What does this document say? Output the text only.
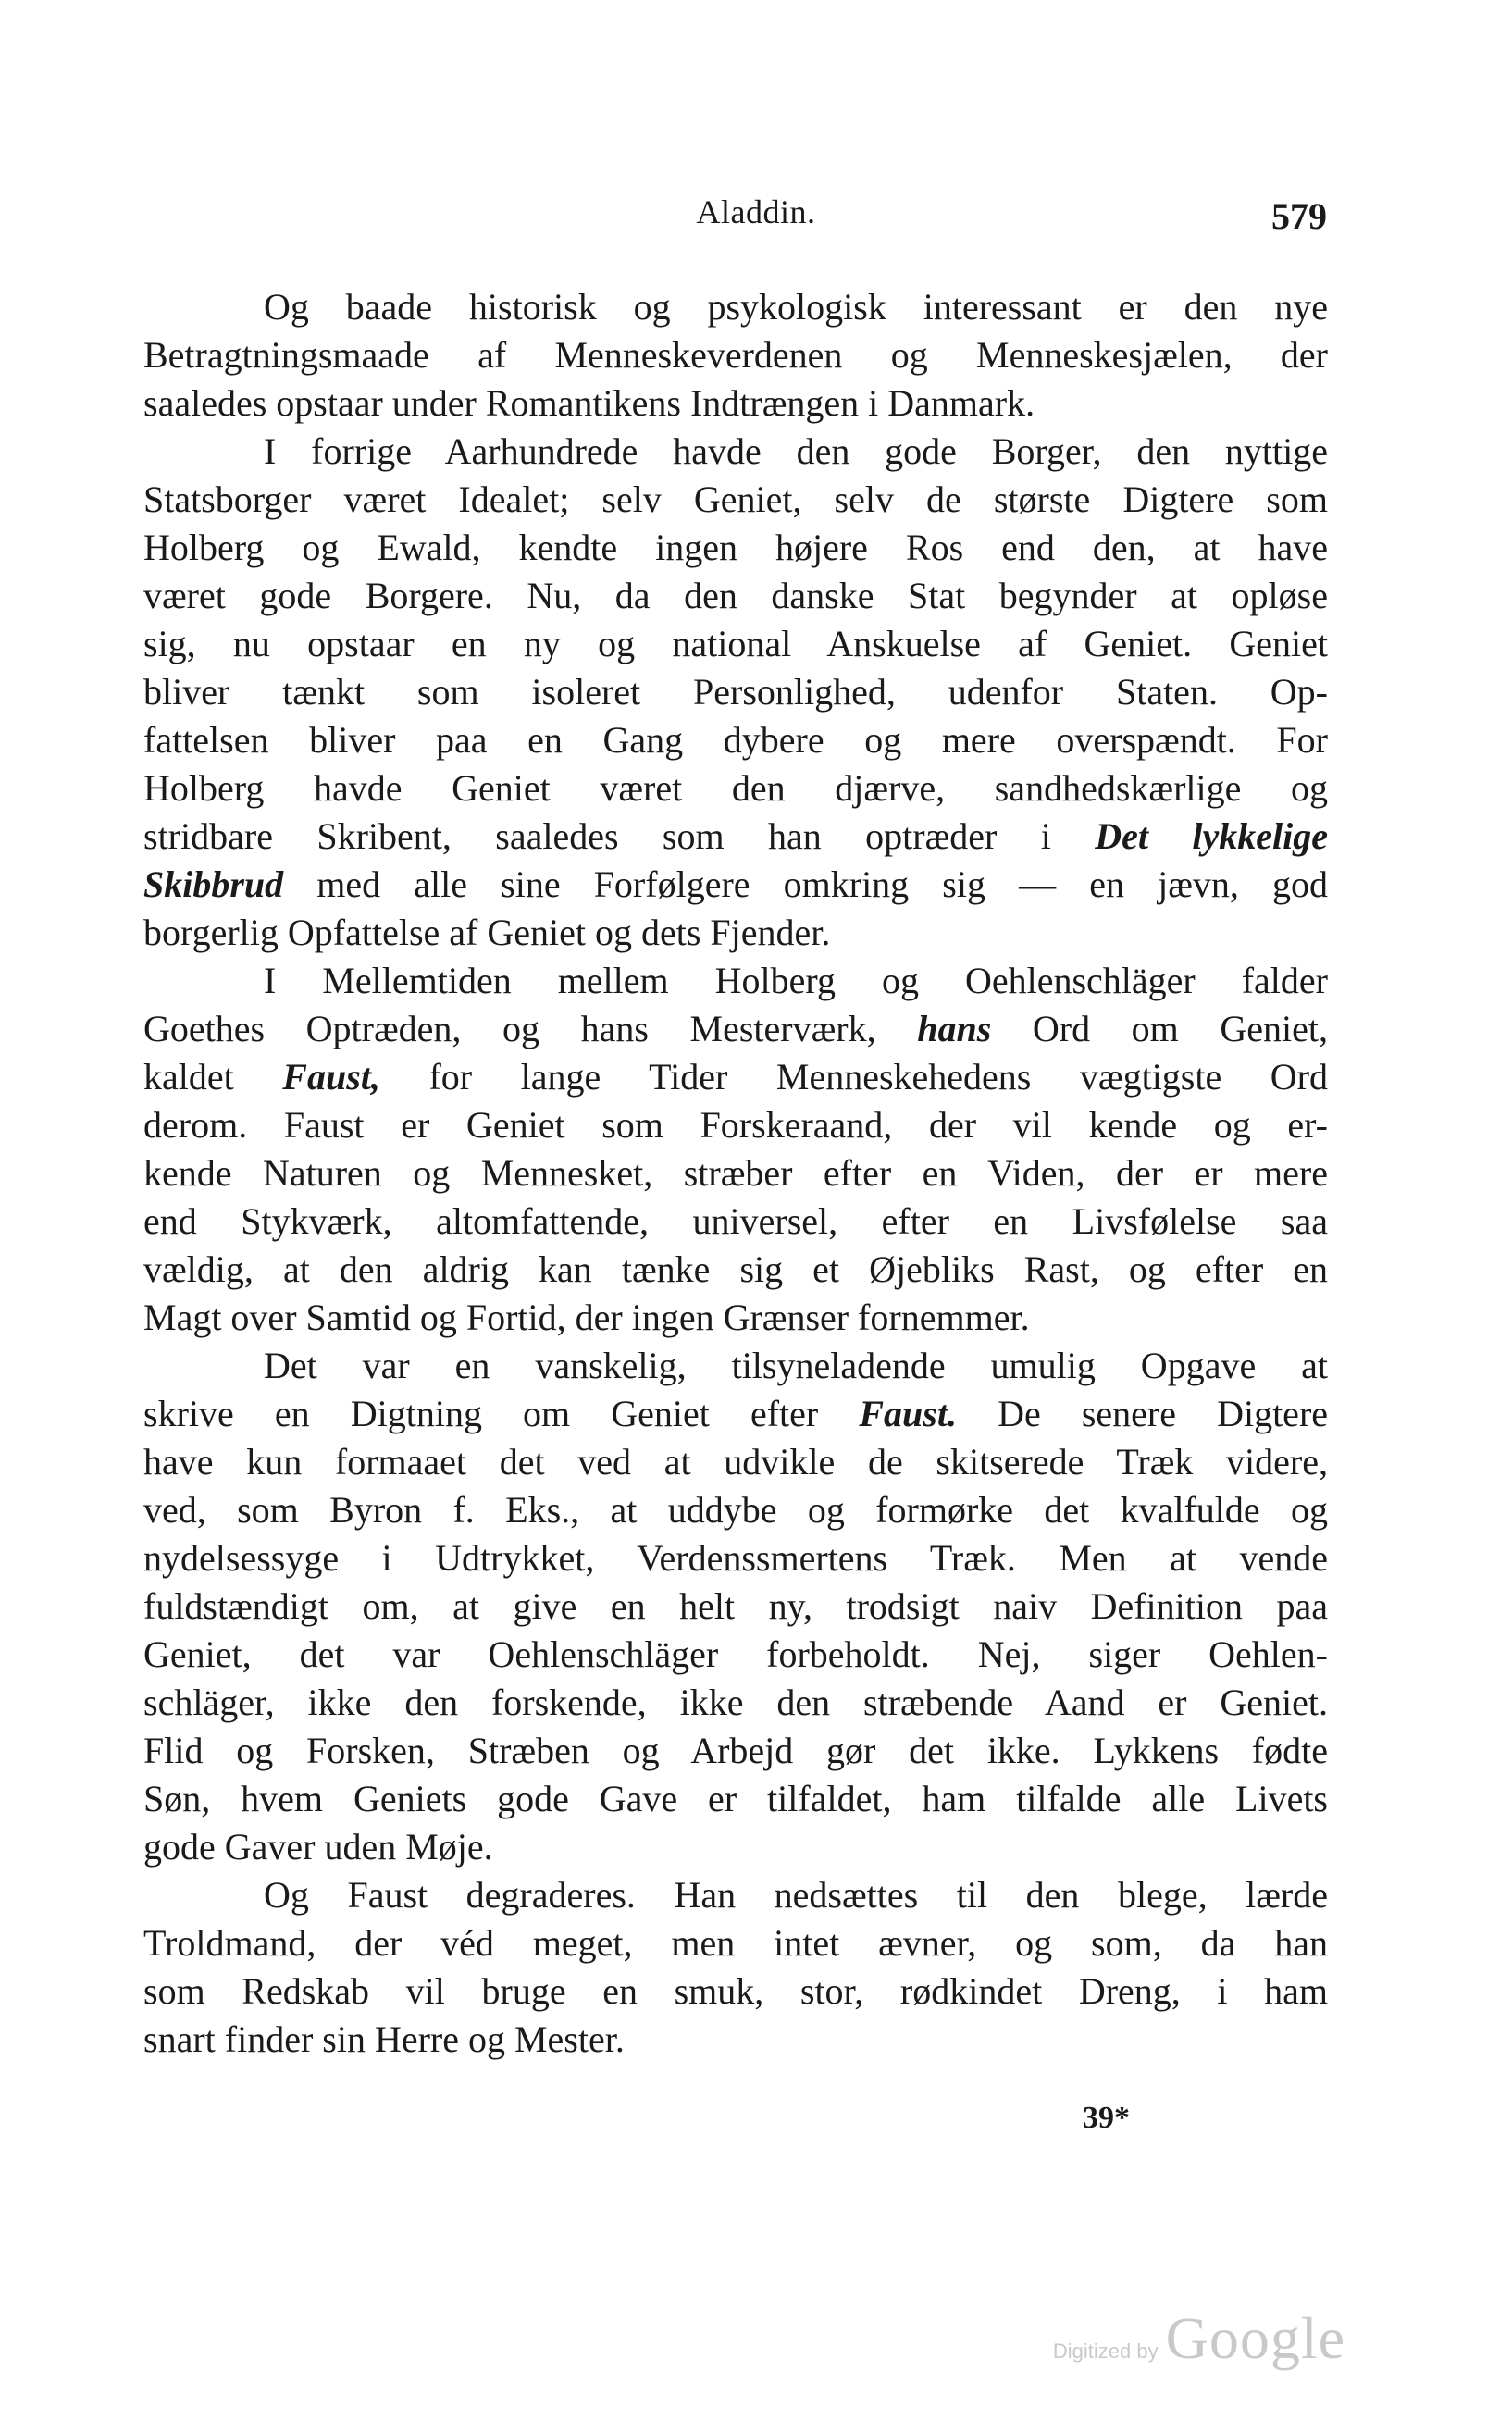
Aladdin.	579
Og baade historisk og psykologisk interessant er den nye
Betragtningsmaade af Menneskeverdenen og Menneskesjælen, der
saaledes opstaar under Romantikens Indtrængen i Danmark.
I forrige Aarhundrede havde den gode Borger, den nyttige
Statsborger været Idealet; selv Geniet, selv de største Digtere som
Holberg og Ewald, kendte ingen højere Ros end den, at have
været gode Borgere. Nu, da den danske Stat begynder at opløse
sig, nu opstaar en ny og national Anskuelse af Geniet. Geniet
bliver tænkt som isoleret Personlighed, udenfor Staten. Op-
fattelsen bliver paa en Gang dybere og mere overspændt. For
Holberg havde Geniet været den djærve, sandhedskærlige og
stridbare Skribent, saaledes som han optræder i Det lykkelige
Skibbrud med alle sine Forfølgere omkring sig — en jævn, god
borgerlig Opfattelse af Geniet og dets Fjender.
I Mellemtiden mellem Holberg og Oehlenschläger falder
Goethes Optræden, og hans Mesterværk, hans Ord om Geniet,
kaldet Faust, for lange Tider Menneskehedens vægtigste Ord
derom. Faust er Geniet som Forskeraand, der vil kende og er-
kende Naturen og Mennesket, stræber efter en Viden, der er mere
end Stykværk, altomfattende, universel, efter en Livsfølelse saa
vældig, at den aldrig kan tænke sig et Øjebliks Rast, og efter en
Magt over Samtid og Fortid, der ingen Grænser fornemmer.
Det var en vanskelig, tilsyneladende umulig Opgave at
skrive en Digtning om Geniet efter Faust. De senere Digtere
have kun formaaet det ved at udvikle de skitserede Træk videre,
ved, som Byron f. Eks., at uddybe og formørke det kvalfulde og
nydelsessyge i Udtrykket, Verdenssmertens Træk. Men at vende
fuldstændigt om, at give en helt ny, trodsigt naiv Definition paa
Geniet, det var Oehlenschläger forbeholdt. Nej, siger Oehlen-
schläger, ikke den forskende, ikke den stræbende Aand er Geniet.
Flid og Forsken, Stræben og Arbejd gør det ikke. Lykkens fødte
Søn, hvem Geniets gode Gave er tilfaldet, ham tilfalde alle Livets
gode Gaver uden Møje.
Og Faust degraderes. Han nedsættes til den blege, lærde
Troldmand, der véd meget, men intet ævner, og som, da han
som Redskab vil bruge en smuk, stor, rødkindet Dreng, i ham
snart finder sin Herre og Mester.
39*
Digitized by Google
